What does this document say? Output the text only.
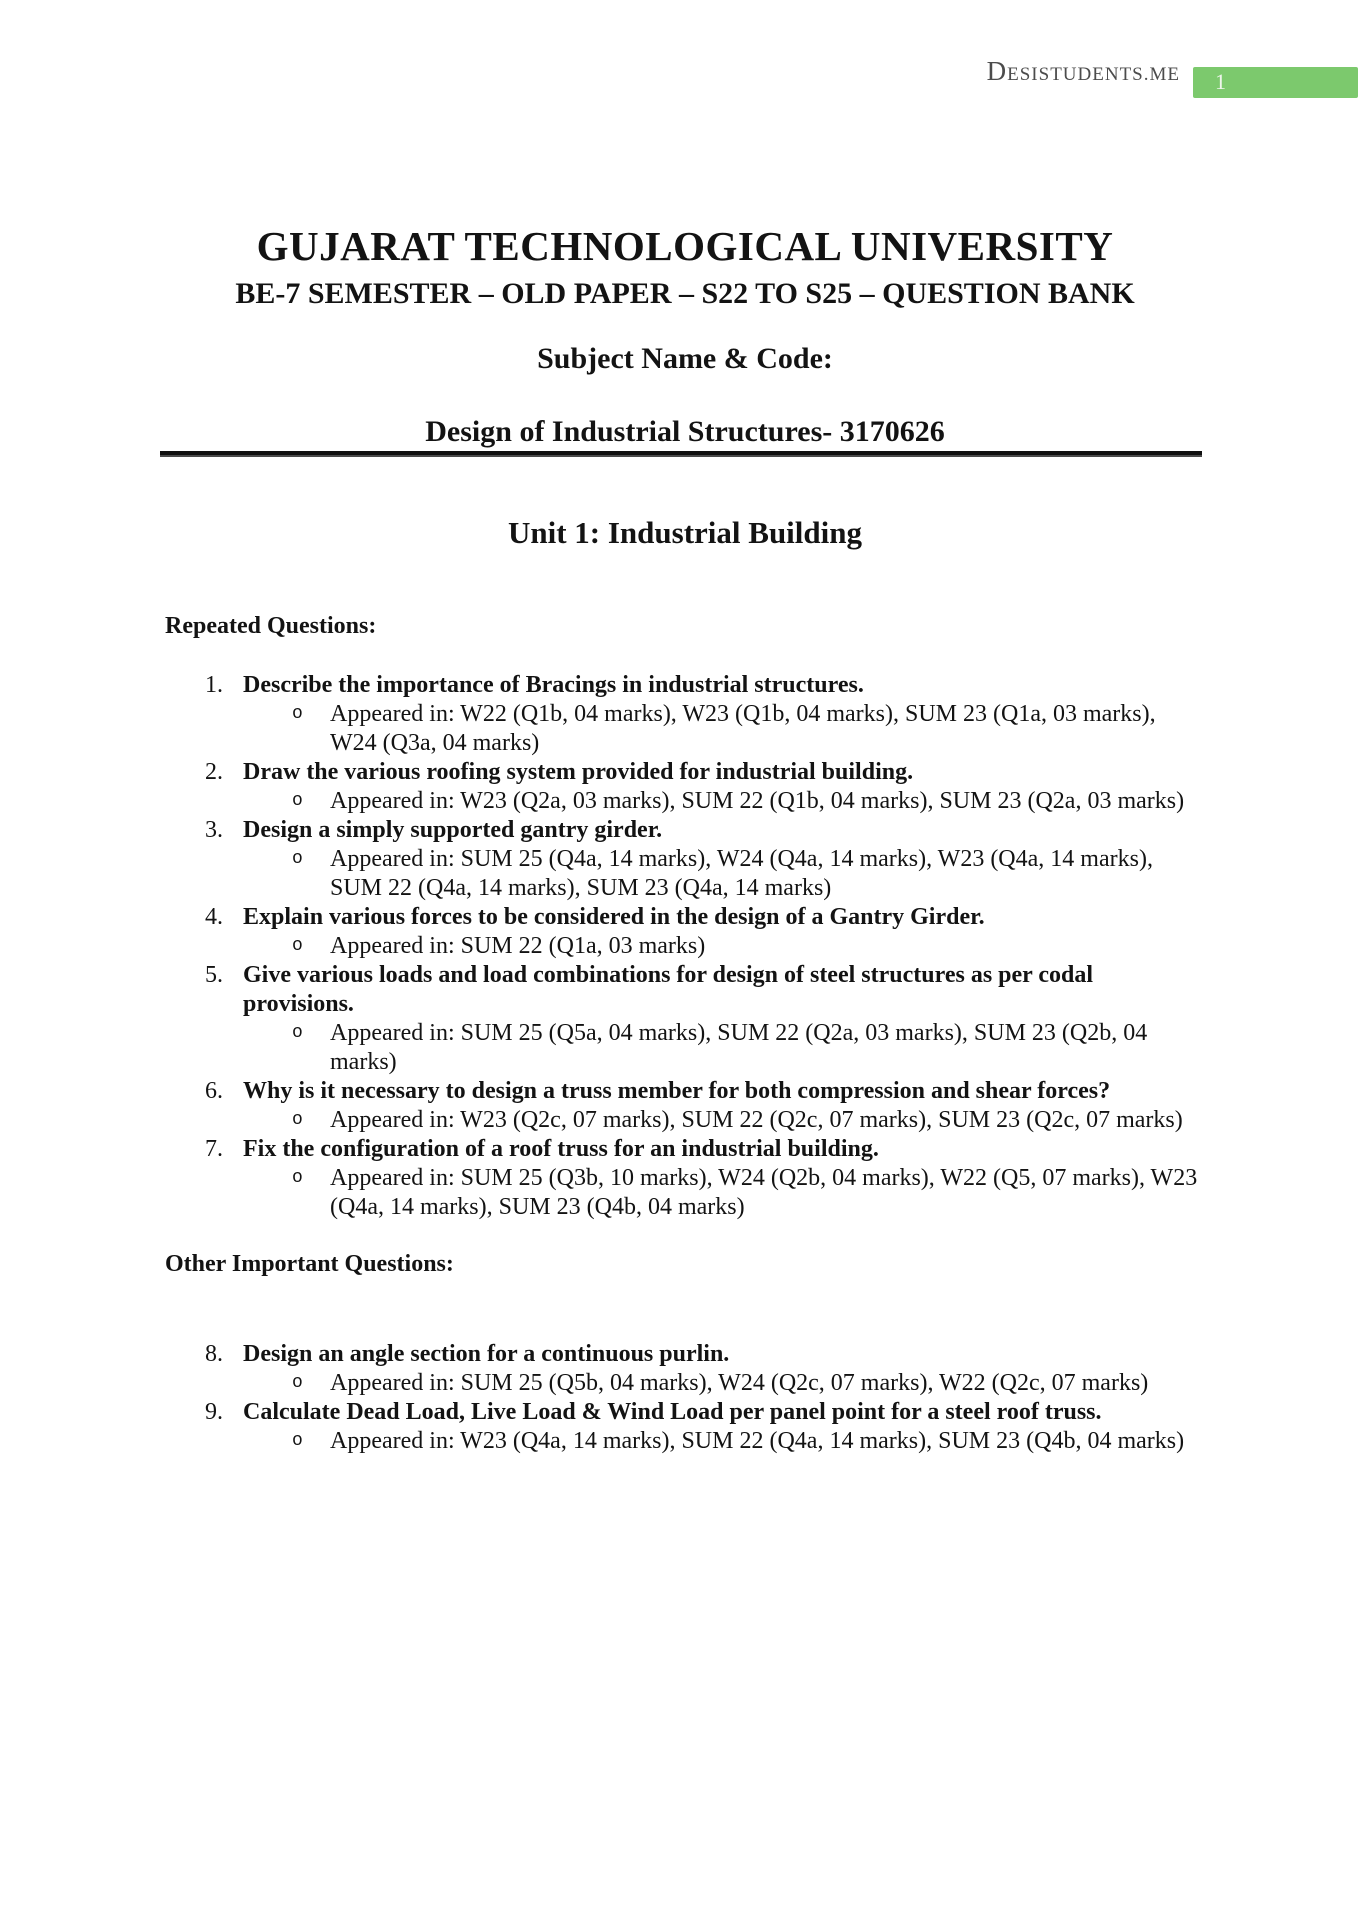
DESISTUDENTS.ME	1
GUJARAT TECHNOLOGICAL UNIVERSITY
BE-7 SEMESTER – OLD PAPER – S22 TO S25 – QUESTION BANK
Subject Name & Code:
Design of Industrial Structures- 3170626
Unit 1: Industrial Building
Repeated Questions:
1. Describe the importance of Bracings in industrial structures.
o Appeared in: W22 (Q1b, 04 marks), W23 (Q1b, 04 marks), SUM 23 (Q1a, 03 marks), W24 (Q3a, 04 marks)
2. Draw the various roofing system provided for industrial building.
o Appeared in: W23 (Q2a, 03 marks), SUM 22 (Q1b, 04 marks), SUM 23 (Q2a, 03 marks)
3. Design a simply supported gantry girder.
o Appeared in: SUM 25 (Q4a, 14 marks), W24 (Q4a, 14 marks), W23 (Q4a, 14 marks), SUM 22 (Q4a, 14 marks), SUM 23 (Q4a, 14 marks)
4. Explain various forces to be considered in the design of a Gantry Girder.
o Appeared in: SUM 22 (Q1a, 03 marks)
5. Give various loads and load combinations for design of steel structures as per codal provisions.
o Appeared in: SUM 25 (Q5a, 04 marks), SUM 22 (Q2a, 03 marks), SUM 23 (Q2b, 04 marks)
6. Why is it necessary to design a truss member for both compression and shear forces?
o Appeared in: W23 (Q2c, 07 marks), SUM 22 (Q2c, 07 marks), SUM 23 (Q2c, 07 marks)
7. Fix the configuration of a roof truss for an industrial building.
o Appeared in: SUM 25 (Q3b, 10 marks), W24 (Q2b, 04 marks), W22 (Q5, 07 marks), W23 (Q4a, 14 marks), SUM 23 (Q4b, 04 marks)
Other Important Questions:
8. Design an angle section for a continuous purlin.
o Appeared in: SUM 25 (Q5b, 04 marks), W24 (Q2c, 07 marks), W22 (Q2c, 07 marks)
9. Calculate Dead Load, Live Load & Wind Load per panel point for a steel roof truss.
o Appeared in: W23 (Q4a, 14 marks), SUM 22 (Q4a, 14 marks), SUM 23 (Q4b, 04 marks)
